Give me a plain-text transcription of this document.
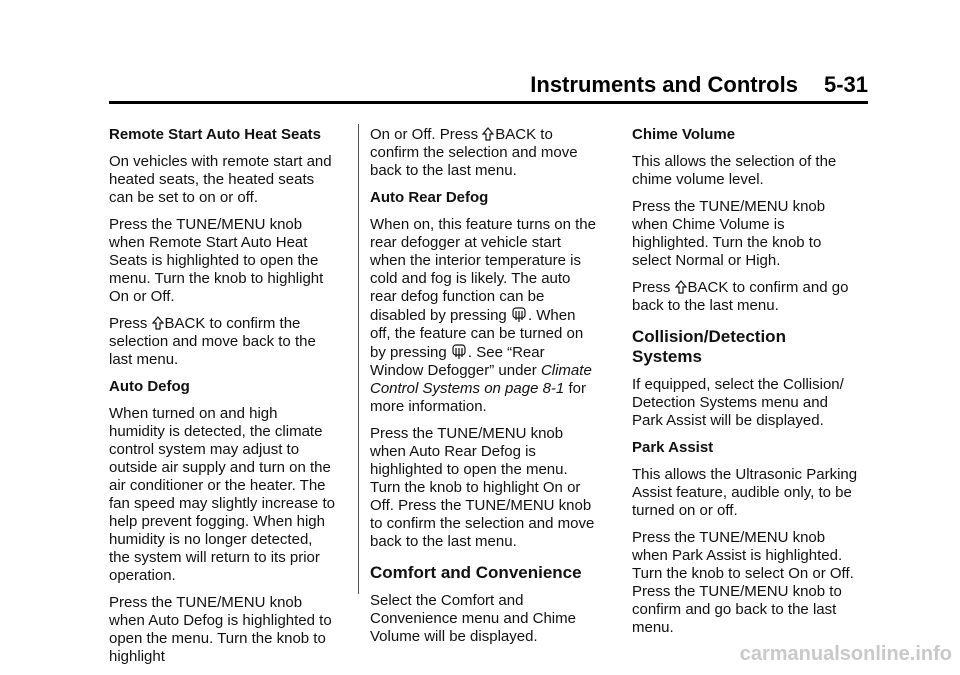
Instruments and Controls 5-31

Remote Start Auto Heat Seats

On vehicles with remote start and heated seats, the heated seats can be set to on or off.

Press the TUNE/MENU knob when Remote Start Auto Heat Seats is highlighted to open the menu. Turn the knob to highlight On or Off.

Press BACK to confirm the selection and move back to the last menu.

Auto Defog

When turned on and high humidity is detected, the climate control system may adjust to outside air supply and turn on the air conditioner or the heater. The fan speed may slightly increase to help prevent fogging. When high humidity is no longer detected, the system will return to its prior operation.

Press the TUNE/MENU knob when Auto Defog is highlighted to open the menu. Turn the knob to highlight

On or Off. Press BACK to confirm the selection and move back to the last menu.

Auto Rear Defog

When on, this feature turns on the rear defogger at vehicle start when the interior temperature is cold and fog is likely. The auto rear defog function can be disabled by pressing . When off, the feature can be turned on by pressing . See “Rear Window Defogger” under Climate Control Systems on page 8-1 for more information.

Press the TUNE/MENU knob when Auto Rear Defog is highlighted to open the menu. Turn the knob to highlight On or Off. Press the TUNE/MENU knob to confirm the selection and move back to the last menu.

Comfort and Convenience

Select the Comfort and Convenience menu and Chime Volume will be displayed.

Chime Volume

This allows the selection of the chime volume level.

Press the TUNE/MENU knob when Chime Volume is highlighted. Turn the knob to select Normal or High.

Press BACK to confirm and go back to the last menu.

Collision/Detection Systems

If equipped, select the Collision/ Detection Systems menu and Park Assist will be displayed.

Park Assist

This allows the Ultrasonic Parking Assist feature, audible only, to be turned on or off.

Press the TUNE/MENU knob when Park Assist is highlighted. Turn the knob to select On or Off. Press the TUNE/MENU knob to confirm and go back to the last menu.

carmanualsonline.info
